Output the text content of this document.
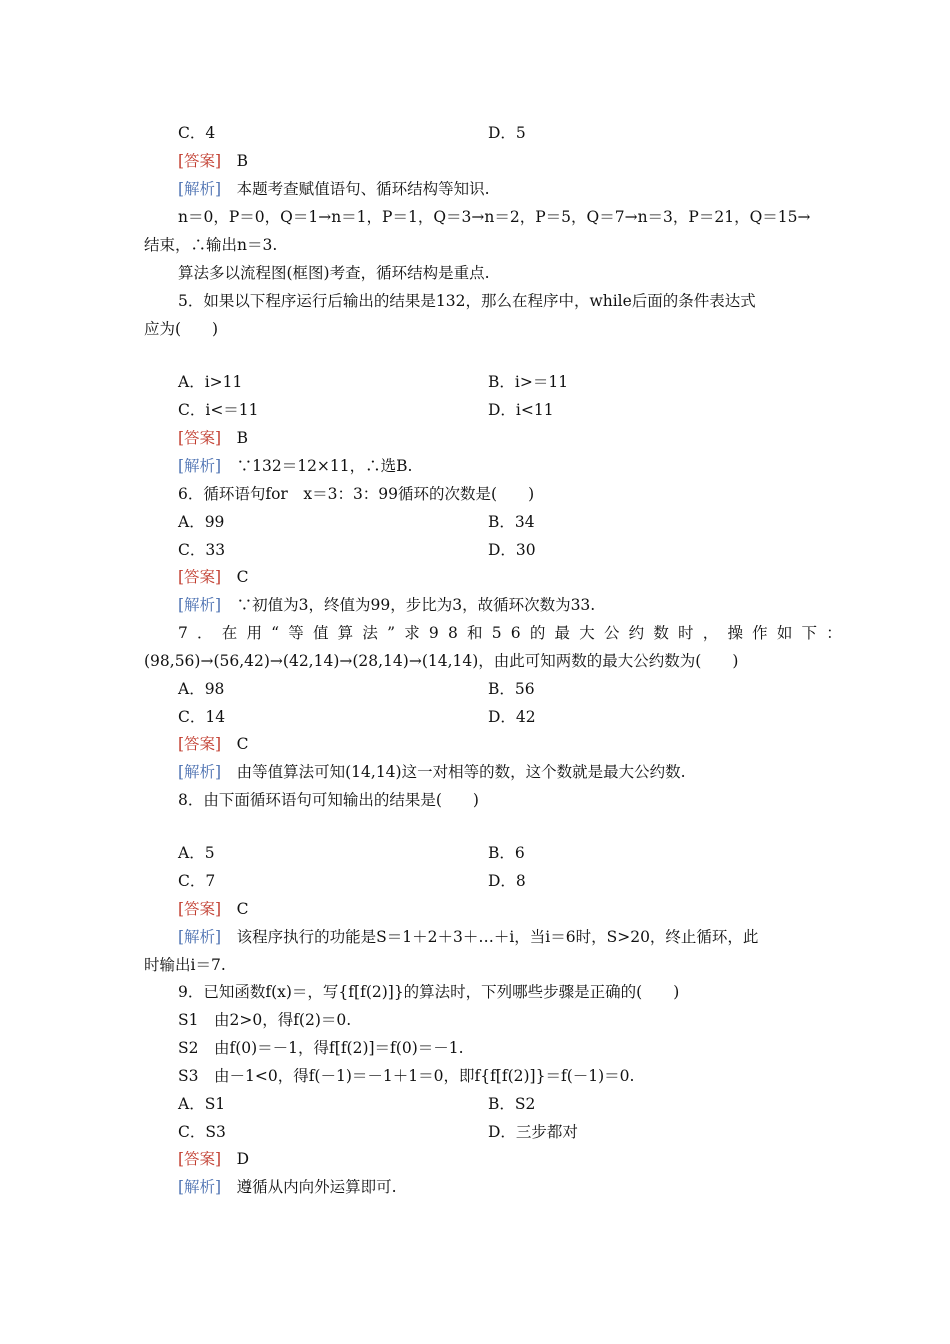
C．4	D．5
[答案]　 B
[解析]　 本题考查赋值语句、循环结构等知识.
n＝0，P＝0，Q＝1→n＝1，P＝1，Q＝3→n＝2，P＝5，Q＝7→n＝3，P＝21，Q＝15→
结束，∴输出n＝3.
算法多以流程图(框图)考查，循环结构是重点.
5．如果以下程序运行后输出的结果是132，那么在程序中，while后面的条件表达式
应为(　　)
A．i>11	B．i>＝11
C．i<＝11	D．i<11
[答案]　 B
[解析]　 ∵132＝12×11，∴选B.
6．循环语句for　x＝3：3：99循环的次数是(　　)
A．99	B．34
C．33	D．30
[答案]　 C
[解析]　 ∵初值为3，终值为99，步比为3，故循环次数为33.
7．在用“等值算法”求98和56的最大公约数时，操作如下：
(98,56)→(56,42)→(42,14)→(28,14)→(14,14)，由此可知两数的最大公约数为(　　)
A．98	B．56
C．14	D．42
[答案]　 C
[解析]　 由等值算法可知(14,14)这一对相等的数，这个数就是最大公约数.
8．由下面循环语句可知输出的结果是(　　)
A．5	B．6
C．7	D．8
[答案]　 C
[解析]　 该程序执行的功能是S＝1＋2＋3＋…＋i，当i＝6时，S>20，终止循环，此
时输出i＝7.
9．已知函数f(x)＝，写{f[f(2)]}的算法时，下列哪些步骤是正确的(　　)
S1　由2>0，得f(2)＝0.
S2　由f(0)＝－1，得f[f(2)]＝f(0)＝－1.
S3　由－1<0，得f(－1)＝－1＋1＝0，即f{f[f(2)]}＝f(－1)＝0.
A．S1	B．S2
C．S3	D．三步都对
[答案]　 D
[解析]　 遵循从内向外运算即可.
